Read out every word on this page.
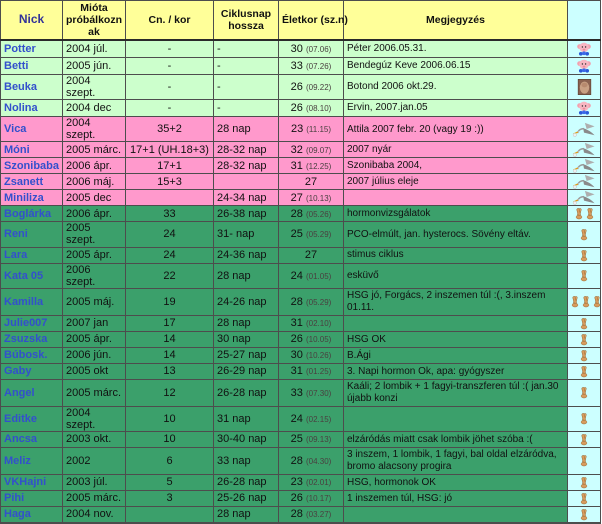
Nick	Mióta próbálkoznak	Cn. / kor	Ciklusnap hossza	Életkor (sz.n)	Megjegyzés	
Potter	2004 júl.	-	-	30 (07.06)	Péter 2006.05.31.	
Betti	2005 jún.	-	-	33 (07.26)	Bendegúz Keve 2006.06.15	
Beuka	2004 szept.	-	-	26 (09.22)	Botond 2006 okt.29.	
Nolina	2004 dec	-	-	26 (08.10)	Ervin, 2007.jan.05	
Vica	2004 szept.	35+2	28 nap	23 (11.15)	Attila 2007 febr. 20 (vagy 19 :))	
Móni	2005 márc.	17+1 (UH.18+3)	28-32 nap	32 (09.07)	2007 nyár	
Szonibaba	2006 ápr.	17+1	28-32 nap	31 (12.25)	Szonibaba 2004,	
Zsanett	2006 máj.	15+3		27	2007 július eleje	
Miniliza	2005 dec		24-34 nap	27 (10.13)		
Boglárka	2006 ápr.	33	26-38 nap	28 (05.26)	hormonvizsgálatok	
Reni	2005 szept.	24	31- nap	25 (05.29)	PCO-elmúlt, jan. hysterocs. Sövény eltáv.	
Lara	2005 ápr.	24	24-36 nap	27	stimus ciklus	
Kata 05	2006 szept.	22	28 nap	24 (01.05)	esküvő	
Kamilla	2005 máj.	19	24-26 nap	28 (05.29)	HSG jó, Forgács, 2 inszemen túl :(, 3.inszem 01.11.	
Julie007	2007 jan	17	28 nap	31 (02.10)		
Zsuzska	2005 ápr.	14	30 nap	26 (10.05)	HSG OK	
Búbosk.	2006 jún.	14	25-27 nap	30 (10.26)	B.Ági	
Gaby	2005 okt	13	26-29 nap	31 (01.25)	3. Napi hormon Ok, apa: gyógyszer	
Angel	2005 márc.	12	26-28 nap	33 (07.30)	Kaáli; 2 lombik + 1 fagyi-transzferen túl :( jan.30 újabb konzi	
Editke	2004 szept.	10	31 nap	24 (02.15)		
Ancsa	2003 okt.	10	30-40 nap	25 (09.13)	elzáródás miatt csak lombik jöhet szóba :(	
Meliz	2002	6	33 nap	28 (04.30)	3 inszem, 1 lombik, 1 fagyi, bal oldal elzáródva, bromo alacsony progira	
VKHajni	2003 júl.	5	26-28 nap	23 (02.01)	HSG, hormonok OK	
Pihi	2005 márc.	3	25-26 nap	26 (10.17)	1 inszemen túl, HSG: jó	
Haga	2004 nov.		28 nap	28 (03.27)		
